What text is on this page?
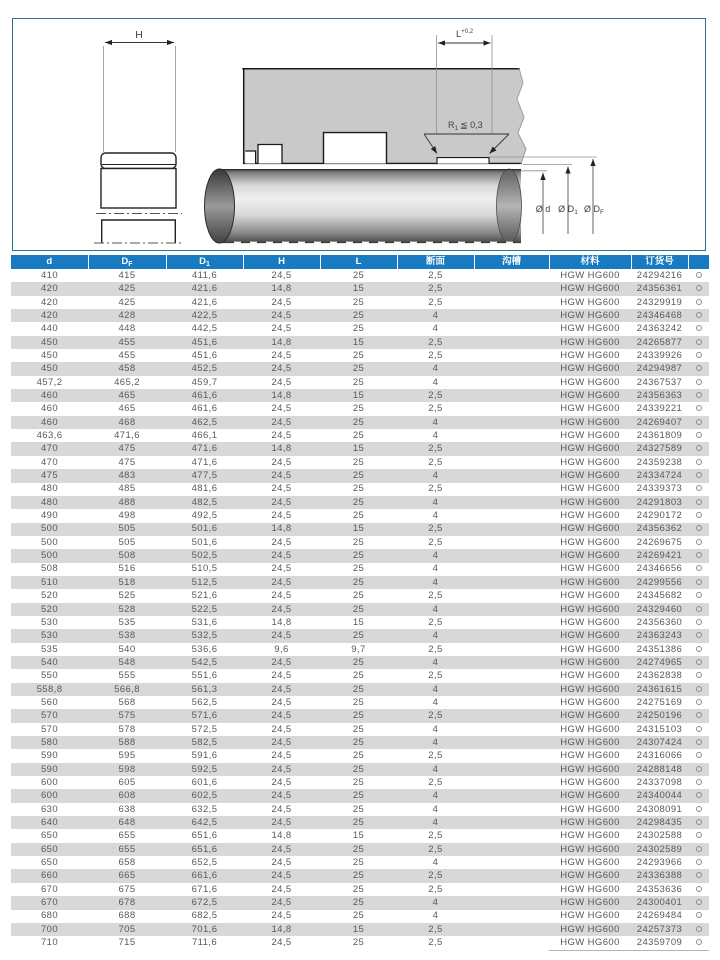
H	$L^{+0,2}$
$R_1$ ≦ 0,3
Ø d Ø $D_1$ Ø $D_F$
d	$D_F$	$D_1$	H	L	断面	沟槽	材料	订货号	
410	415	411,6	24,5	25	2,5		HGW HG600	24294216	
420	425	421,6	14,8	15	2,5		HGW HG600	24356361	
420	425	421,6	24,5	25	2,5		HGW HG600	24329919	
420	428	422,5	24,5	25	4		HGW HG600	24346468	
440	448	442,5	24,5	25	4		HGW HG600	24363242	
450	455	451,6	14,8	15	2,5		HGW HG600	24265877	
450	455	451,6	24,5	25	2,5		HGW HG600	24339926	
450	458	452,5	24,5	25	4		HGW HG600	24294987	
457,2	465,2	459,7	24,5	25	4		HGW HG600	24367537	
460	465	461,6	14,8	15	2,5		HGW HG600	24356363	
460	465	461,6	24,5	25	2,5		HGW HG600	24339221	
460	468	462,5	24,5	25	4		HGW HG600	24269407	
463,6	471,6	466,1	24,5	25	4		HGW HG600	24361809	
470	475	471,6	14,8	15	2,5		HGW HG600	24327589	
470	475	471,6	24,5	25	2,5		HGW HG600	24359238	
475	483	477,5	24,5	25	4		HGW HG600	24334724	
480	485	481,6	24,5	25	2,5		HGW HG600	24339373	
480	488	482,5	24,5	25	4		HGW HG600	24291803	
490	498	492,5	24,5	25	4		HGW HG600	24290172	
500	505	501,6	14,8	15	2,5		HGW HG600	24356362	
500	505	501,6	24,5	25	2,5		HGW HG600	24269675	
500	508	502,5	24,5	25	4		HGW HG600	24269421	
508	516	510,5	24,5	25	4		HGW HG600	24346656	
510	518	512,5	24,5	25	4		HGW HG600	24299556	
520	525	521,6	24,5	25	2,5		HGW HG600	24345682	
520	528	522,5	24,5	25	4		HGW HG600	24329460	
530	535	531,6	14,8	15	2,5		HGW HG600	24356360	
530	538	532,5	24,5	25	4		HGW HG600	24363243	
535	540	536,6	9,6	9,7	2,5		HGW HG600	24351386	
540	548	542,5	24,5	25	4		HGW HG600	24274965	
550	555	551,6	24,5	25	2,5		HGW HG600	24362838	
558,8	566,8	561,3	24,5	25	4		HGW HG600	24361615	
560	568	562,5	24,5	25	4		HGW HG600	24275169	
570	575	571,6	24,5	25	2,5		HGW HG600	24250196	
570	578	572,5	24,5	25	4		HGW HG600	24315103	
580	588	582,5	24,5	25	4		HGW HG600	24307424	
590	595	591,6	24,5	25	2,5		HGW HG600	24316066	
590	598	592,5	24,5	25	4		HGW HG600	24288148	
600	605	601,6	24,5	25	2,5		HGW HG600	24337098	
600	608	602,5	24,5	25	4		HGW HG600	24340044	
630	638	632,5	24,5	25	4		HGW HG600	24308091	
640	648	642,5	24,5	25	4		HGW HG600	24298435	
650	655	651,6	14,8	15	2,5		HGW HG600	24302588	
650	655	651,6	24,5	25	2,5		HGW HG600	24302589	
650	658	652,5	24,5	25	4		HGW HG600	24293966	
660	665	661,6	24,5	25	2,5		HGW HG600	24336388	
670	675	671,6	24,5	25	2,5		HGW HG600	24353636	
670	678	672,5	24,5	25	4		HGW HG600	24300401	
680	688	682,5	24,5	25	4		HGW HG600	24269484	
700	705	701,6	14,8	15	2,5		HGW HG600	24257373	
710	715	711,6	24,5	25	2,5		HGW HG600	24359709	
